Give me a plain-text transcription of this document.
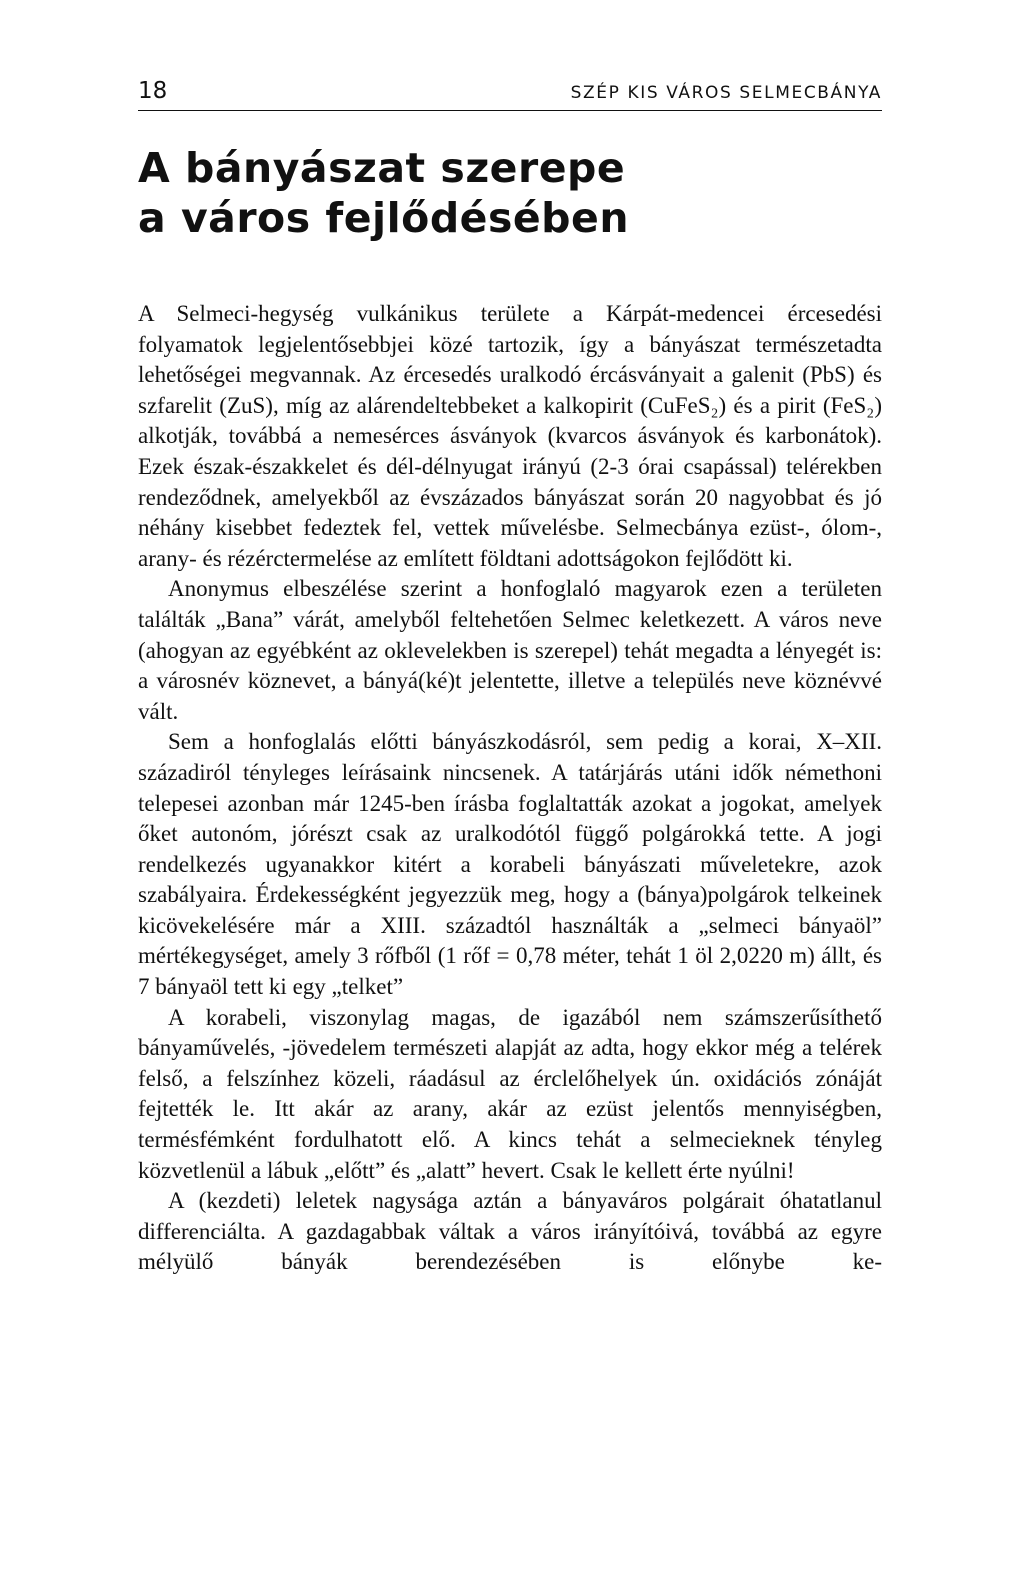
18	SZÉP KIS VÁROS SELMECBÁNYA
A bányászat szerepe
a város fejlődésében

A Selmeci-hegység vulkánikus területe a Kárpát-medencei ércesedési folyamatok legjelentősebbjei közé tartozik, így a bányászat természetadta lehetőségei megvannak. Az ércesedés uralkodó ércásványait a galenit (PbS) és szfarelit (ZuS), míg az alárendeltebbeket a kalkopirit (CuFeS₂) és a pirit (FeS₂) alkotják, továbbá a nemesérces ásványok (kvarcos ásványok és karbonátok). Ezek észak-északkelet és dél-délnyugat irányú (2-3 órai csapással) telérekben rendeződnek, amelyekből az évszázados bányászat során 20 nagyobbat és jó néhány kisebbet fedeztek fel, vettek művelésbe. Selmecbánya ezüst-, ólom-, arany- és rézérctermelése az említett földtani adottságokon fejlődött ki.

Anonymus elbeszélése szerint a honfoglaló magyarok ezen a területen találták „Bana” várát, amelyből feltehetően Selmec keletkezett. A város neve (ahogyan az egyébként az oklevelekben is szerepel) tehát megadta a lényegét is: a városnév köznevet, a bányá(ké)t jelentette, illetve a település neve köznévvé vált.

Sem a honfoglalás előtti bányászkodásról, sem pedig a korai, X–XII. századiról tényleges leírásaink nincsenek. A tatárjárás utáni idők némethoni telepesei azonban már 1245-ben írásba foglaltatták azokat a jogokat, amelyek őket autonóm, jórészt csak az uralkodótól függő polgárokká tette. A jogi rendelkezés ugyanakkor kitért a korabeli bányászati műveletekre, azok szabályaira. Érdekességként jegyezzük meg, hogy a (bánya)polgárok telkeinek kicövekelésére már a XIII. századtól használták a „selmeci bányaöl” mértékegységet, amely 3 rőfből (1 rőf = 0,78 méter, tehát 1 öl 2,0220 m) állt, és 7 bányaöl tett ki egy „telket”

A korabeli, viszonylag magas, de igazából nem számszerűsíthető bányaművelés, -jövedelem természeti alapját az adta, hogy ekkor még a telérek felső, a felszínhez közeli, ráadásul az érclelőhelyek ún. oxidációs zónáját fejtették le. Itt akár az arany, akár az ezüst jelentős mennyiségben, termésfémként fordulhatott elő. A kincs tehát a selmecieknek tényleg közvetlenül a lábuk „előtt” és „alatt” hevert. Csak le kellett érte nyúlni!

A (kezdeti) leletek nagysága aztán a bányaváros polgárait óhatatlanul differenciálta. A gazdagabbak váltak a város irányítóivá, továbbá az egyre mélyülő bányák berendezésében is előnybe ke-
